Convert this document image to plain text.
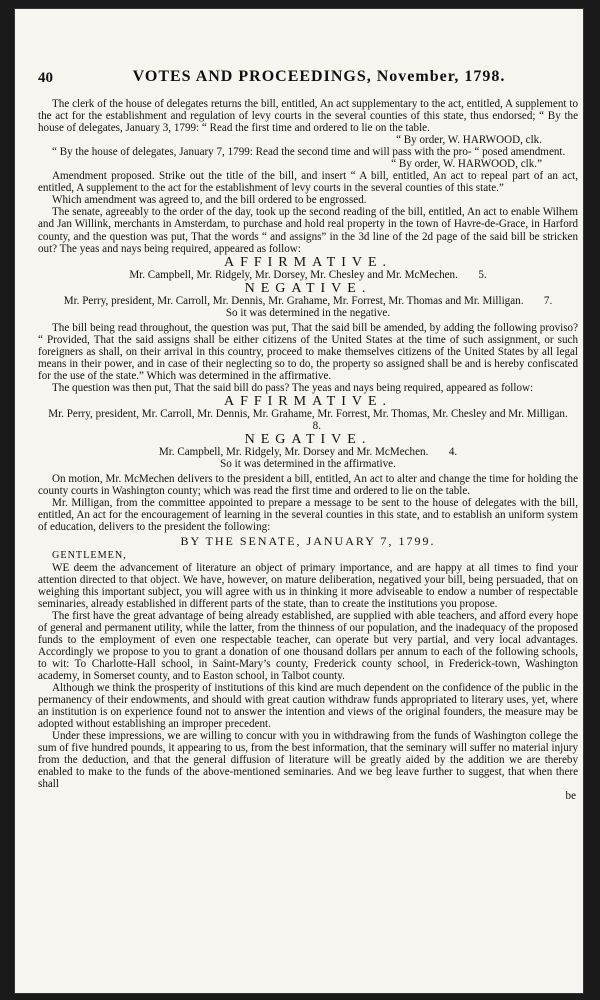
40	VOTES AND PROCEEDINGS, November, 1798.

The clerk of the house of delegates returns the bill, entitled, An act supplementary to the act, entitled, A supplement to the act for the establishment and regulation of levy courts in the several counties of this state, thus endorsed; “ By the house of delegates, January 3, 1799: “ Read the first time and ordered to lie on the table.

“ By order, W. HARWOOD, clk.

“ By the house of delegates, January 7, 1799: Read the second time and will pass with the pro- “ posed amendment.

“ By order, W. HARWOOD, clk.”

Amendment proposed. Strike out the title of the bill, and insert “ A bill, entitled, An act to repeal part of an act, entitled, A supplement to the act for the establishment of levy courts in the several counties of this state.”

Which amendment was agreed to, and the bill ordered to be engrossed.

The senate, agreeably to the order of the day, took up the second reading of the bill, entitled, An act to enable Wilhem and Jan Willink, merchants in Amsterdam, to purchase and hold real property in the town of Havre-de-Grace, in Harford county, and the question was put, That the words “ and assigns” in the 3d line of the 2d page of the said bill be stricken out? The yeas and nays being required, appeared as follow:

AFFIRMATIVE.

Mr. Campbell, Mr. Ridgely, Mr. Dorsey, Mr. Chesley and Mr. McMechen. 5.

NEGATIVE.

Mr. Perry, president, Mr. Carroll, Mr. Dennis, Mr. Grahame, Mr. Forrest, Mr. Thomas and Mr. Milligan. 7.

So it was determined in the negative.

The bill being read throughout, the question was put, That the said bill be amended, by adding the following proviso? “ Provided, That the said assigns shall be either citizens of the United States at the time of such assignment, or such foreigners as shall, on their arrival in this country, proceed to make themselves citizens of the United States by all legal means in their power, and in case of their neglecting so to do, the property so assigned shall be and is hereby confiscated for the use of the state.” Which was determined in the affirmative.

The question was then put, That the said bill do pass? The yeas and nays being required, appeared as follow:

AFFIRMATIVE.

Mr. Perry, president, Mr. Carroll, Mr. Dennis, Mr. Grahame, Mr. Forrest, Mr. Thomas, Mr. Chesley and Mr. Milligan. 8.

NEGATIVE.

Mr. Campbell, Mr. Ridgely, Mr. Dorsey and Mr. McMechen. 4.

So it was determined in the affirmative.

On motion, Mr. McMechen delivers to the president a bill, entitled, An act to alter and change the time for holding the county courts in Washington county; which was read the first time and ordered to lie on the table.

Mr. Milligan, from the committee appointed to prepare a message to be sent to the house of delegates with the bill, entitled, An act for the encouragement of learning in the several counties in this state, and to establish an uniform system of education, delivers to the president the following:

BY THE SENATE, JANUARY 7, 1799.

GENTLEMEN,

WE deem the advancement of literature an object of primary importance, and are happy at all times to find your attention directed to that object. We have, however, on mature deliberation, negatived your bill, being persuaded, that on weighing this important subject, you will agree with us in thinking it more adviseable to endow a number of respectable seminaries, already established in different parts of the state, than to create the institutions you propose.

The first have the great advantage of being already established, are supplied with able teachers, and afford every hope of general and permanent utility, while the latter, from the thinness of our population, and the inadequacy of the proposed funds to the employment of even one respectable teacher, can operate but very partial, and very local advantages. Accordingly we propose to you to grant a donation of one thousand dollars per annum to each of the following schools, to wit: To Charlotte-Hall school, in Saint-Mary’s county, Frederick county school, in Frederick-town, Washington academy, in Somerset county, and to Easton school, in Talbot county.

Although we think the prosperity of institutions of this kind are much dependent on the confidence of the public in the permanency of their endowments, and should with great caution withdraw funds appropriated to literary uses, yet, where an institution is on experience found not to answer the intention and views of the original founders, the measure may be adopted without establishing an improper precedent.

Under these impressions, we are willing to concur with you in withdrawing from the funds of Washington college the sum of five hundred pounds, it appearing to us, from the best information, that the seminary will suffer no material injury from the deduction, and that the general diffusion of literature will be greatly aided by the addition we are thereby enabled to make to the funds of the above-mentioned seminaries. And we beg leave further to suggest, that when there shall

be
